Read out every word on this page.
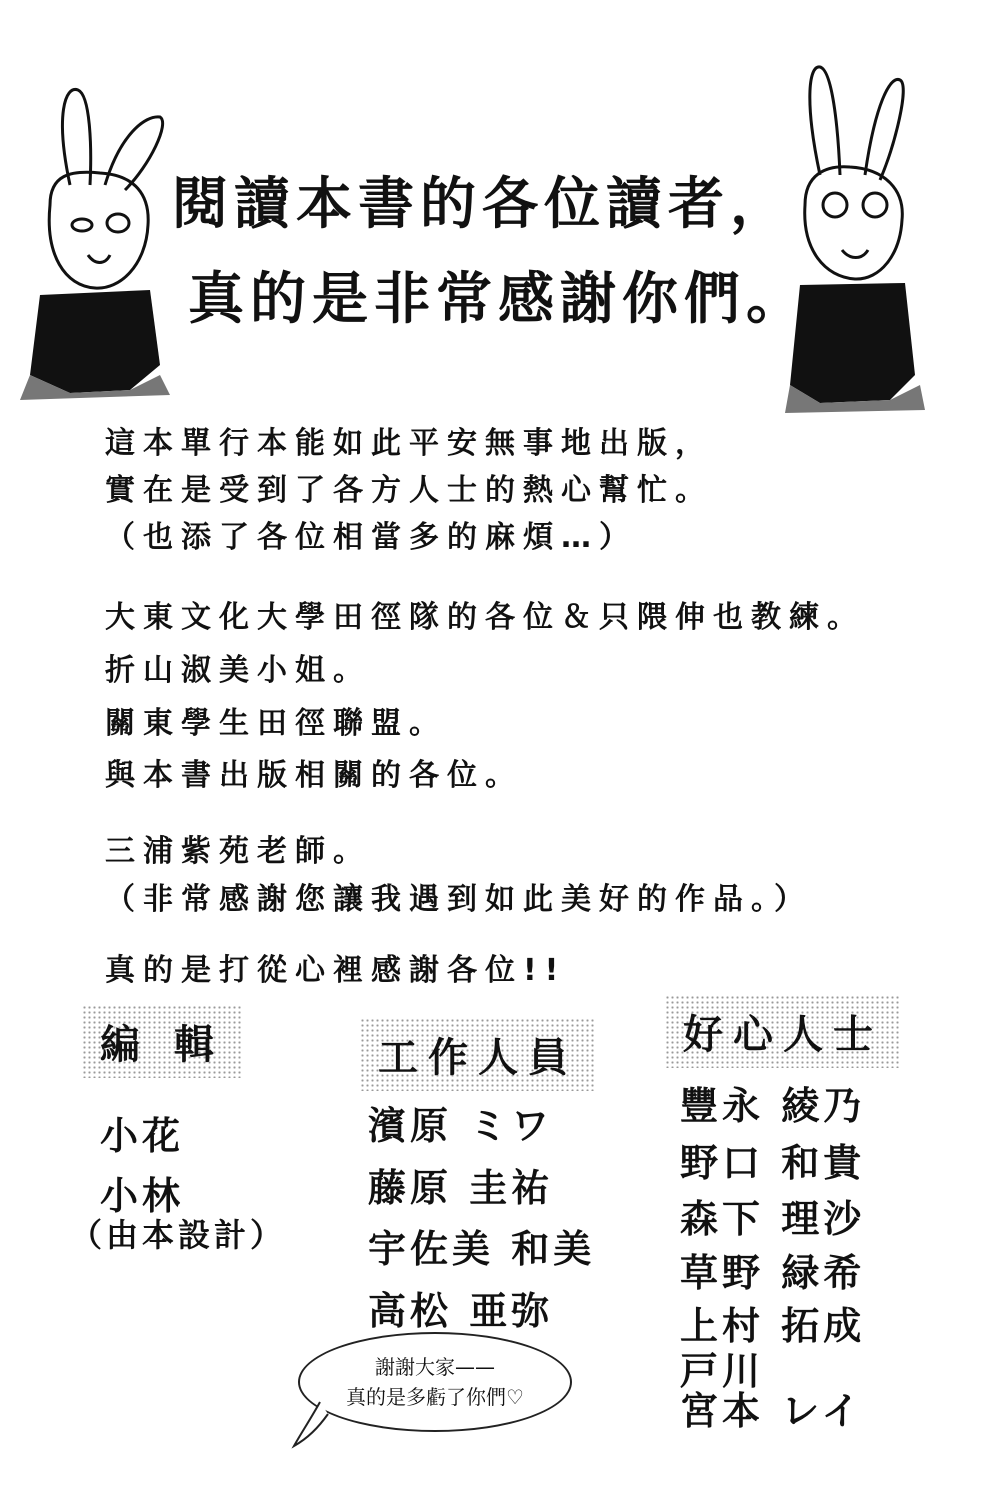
閱讀本書的各位讀者，
真的是非常感謝你們。
這本單行本能如此平安無事地出版，
實在是受到了各方人士的熱心幫忙。
（也添了各位相當多的麻煩…）
大東文化大學田徑隊的各位＆只隈伸也教練。
折山淑美小姐。
關東學生田徑聯盟。
與本書出版相關的各位。
三浦紫苑老師。
（非常感謝您讓我遇到如此美好的作品。）
真的是打從心裡感謝各位!!
編 輯
小花
小林
（由本設計）
工作人員
濱原 ミワ
藤原 圭祐
宇佐美 和美
高松 亜弥
好心人士
豐永 綾乃
野口 和貴
森下 理沙
草野 緑希
上村 拓成
戸川
宮本 レイ
謝謝大家——
真的是多虧了你們♡
